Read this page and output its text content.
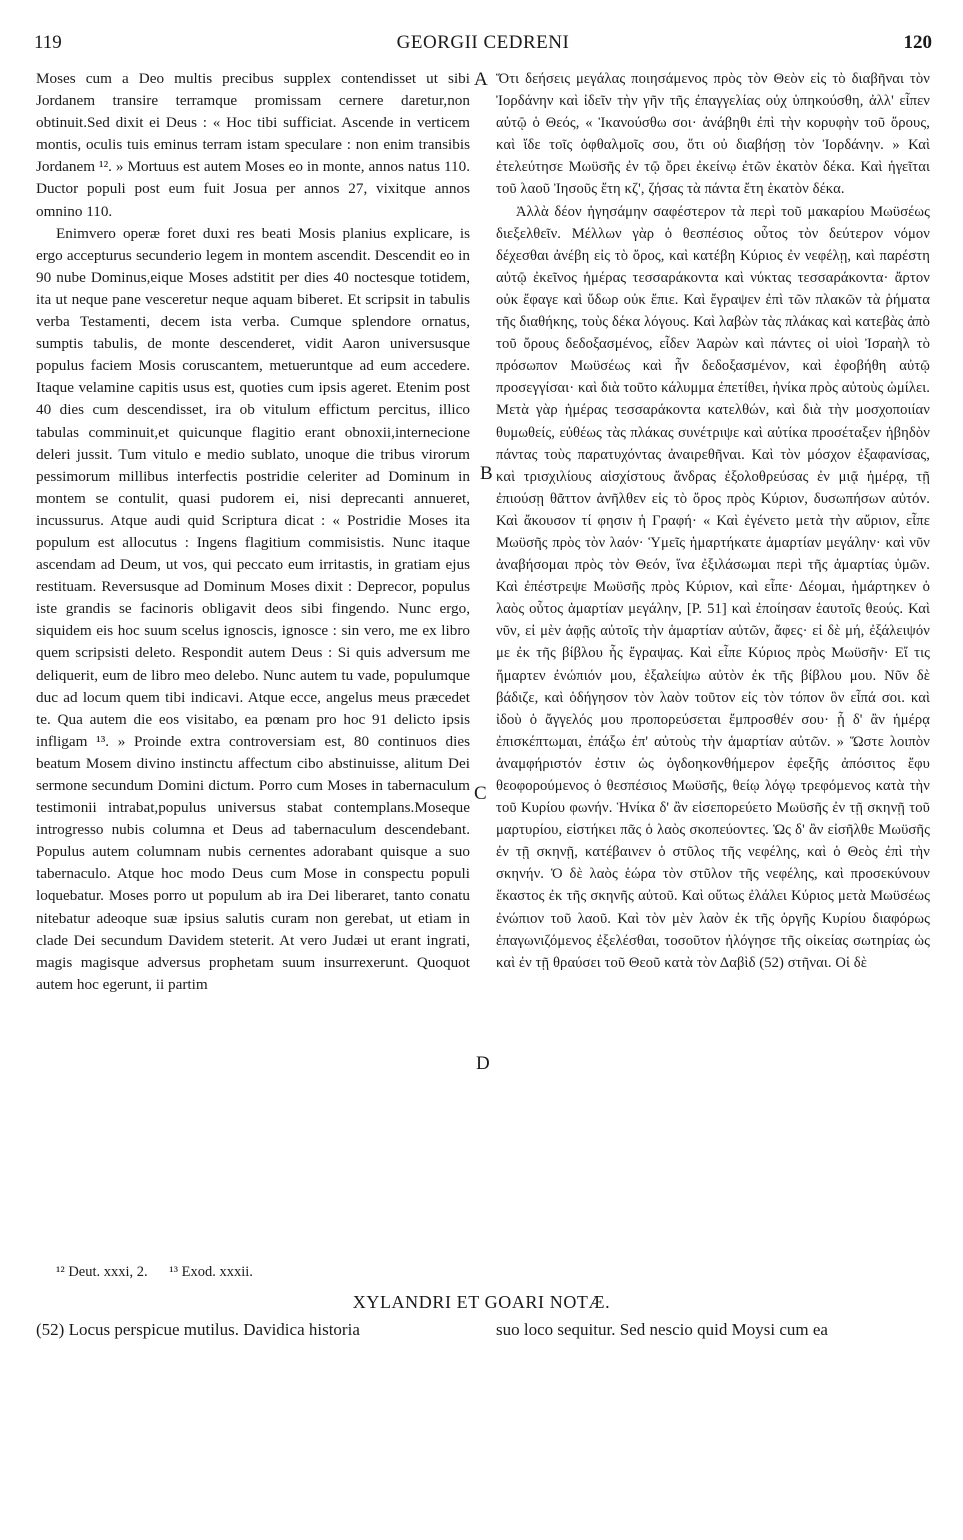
119	GEORGII CEDRENI	120

Moses cum a Deo multis precibus supplex contendisset ut sibi Jordanem transire terramque promissam cernere daretur,non obtinuit.Sed dixit ei Deus : « Hoc tibi sufficiat. Ascende in verticem montis, oculis tuis eminus terram istam speculare : non enim transibis Jordanem ¹². » Mortuus est autem Moses eo in monte, annos natus 110. Ductor populi post eum fuit Josua per annos 27, vixitque annos omnino 110.

Enimvero operæ foret duxi res beati Mosis planius explicare, is ergo accepturus secunderio legem in montem ascendit. Descendit eo in 90 nube Dominus,eique Moses adstitit per dies 40 noctesque totidem, ita ut neque pane vesceretur neque aquam biberet. Et scripsit in tabulis verba Testamenti, decem ista verba. Cumque splendore ornatus, sumptis tabulis, de monte descenderet, vidit Aaron universusque populus faciem Mosis coruscantem, metueruntque ad eum accedere. Itaque velamine capitis usus est, quoties cum ipsis ageret. Etenim post 40 dies cum descendisset, ira ob vitulum effictum percitus, illico tabulas comminuit,et quicunque flagitio erant obnoxii,internecione deleri jussit. Tum vitulo e medio sublato, unoque die tribus virorum pessimorum millibus interfectis postridie celeriter ad Dominum in montem se contulit, quasi pudorem ei, nisi deprecanti annueret, incussurus. Atque audi quid Scriptura dicat : « Postridie Moses ita populum est allocutus : Ingens flagitium commisistis. Nunc itaque ascendam ad Deum, ut vos, qui peccato eum irritastis, in gratiam ejus restituam. Reversusque ad Dominum Moses dixit : Deprecor, populus iste grandis se facinoris obligavit deos sibi fingendo. Nunc ergo, siquidem eis hoc suum scelus ignoscis, ignosce : sin vero, me ex libro quem scripsisti deleto. Respondit autem Deus : Si quis adversum me deliquerit, eum de libro meo delebo. Nunc autem tu vade, populumque duc ad locum quem tibi indicavi. Atque ecce, angelus meus præcedet te. Qua autem die eos visitabo, ea pœnam pro hoc 91 delicto ipsis infligam ¹³. » Proinde extra controversiam est, 80 continuos dies beatum Mosem divino instinctu affectum cibo abstinuisse, alitum Dei sermone secundum Domini dictum. Porro cum Moses in tabernaculum testimonii intrabat,populus universus stabat contemplans.Moseque introgresso nubis columna et Deus ad tabernaculum descendebant. Populus autem columnam nubis cernentes adorabant quisque a suo tabernaculo. Atque hoc modo Deus cum Mose in conspectu populi loquebatur. Moses porro ut populum ab ira Dei liberaret, tanto conatu nitebatur adeoque suæ ipsius salutis curam non gerebat, ut etiam in clade Dei secundum Davidem steterit. At vero Judæi ut erant ingrati, magis magisque adversus prophetam suum insurrexerunt. Quoquot autem hoc egerunt, ii partim

A
B
C
D

Ὅτι δεήσεις μεγάλας ποιησάμενος πρὸς τὸν Θεὸν εἰς τὸ διαβῆναι τὸν Ἰορδάνην καὶ ἰδεῖν τὴν γῆν τῆς ἐπαγγελίας οὐχ ὑπηκούσθη, ἀλλ' εἶπεν αὐτῷ ὁ Θεός, « Ἱκανούσθω σοι· ἀνάβηθι ἐπὶ τὴν κορυφὴν τοῦ ὄρους, καὶ ἴδε τοῖς ὀφθαλμοῖς σου, ὅτι οὐ διαβήσῃ τὸν Ἰορδάνην. » Καὶ ἐτελεύτησε Μωϋσῆς ἐν τῷ ὄρει ἐκείνῳ ἐτῶν ἑκατὸν δέκα. Καὶ ἡγεῖται τοῦ λαοῦ Ἰησοῦς ἔτη κζ', ζήσας τὰ πάντα ἔτη ἑκατὸν δέκα.

Ἀλλὰ δέον ἡγησάμην σαφέστερον τὰ περὶ τοῦ μακαρίου Μωϋσέως διεξελθεῖν. Μέλλων γὰρ ὁ θεσπέσιος οὗτος τὸν δεύτερον νόμον δέχεσθαι ἀνέβη εἰς τὸ ὄρος, καὶ κατέβη Κύριος ἐν νεφέλῃ, καὶ παρέστη αὐτῷ ἐκεῖνος ἡμέρας τεσσαράκοντα καὶ νύκτας τεσσαράκοντα· ἄρτον οὐκ ἔφαγε καὶ ὕδωρ οὐκ ἔπιε. Καὶ ἔγραψεν ἐπὶ τῶν πλακῶν τὰ ῥήματα τῆς διαθήκης, τοὺς δέκα λόγους. Καὶ λαβὼν τὰς πλάκας καὶ κατεβὰς ἀπὸ τοῦ ὄρους δεδοξασμένος, εἶδεν Ἀαρὼν καὶ πάντες οἱ υἱοὶ Ἰσραὴλ τὸ πρόσωπον Μωϋσέως καὶ ἦν δεδοξασμένον, καὶ ἐφοβήθη αὐτῷ προσεγγίσαι· καὶ διὰ τοῦτο κάλυμμα ἐπετίθει, ἡνίκα πρὸς αὐτοὺς ὡμίλει. Μετὰ γὰρ ἡμέρας τεσσαράκοντα κατελθών, καὶ διὰ τὴν μοσχοποιίαν θυμωθείς, εὐθέως τὰς πλάκας συνέτριψε καὶ αὐτίκα προσέταξεν ἡβηδὸν πάντας τοὺς παρατυχόντας ἀναιρεθῆναι. Καὶ τὸν μόσχον ἐξαφανίσας, καὶ τρισχιλίους αἰσχίστους ἄνδρας ἐξολοθρεύσας ἐν μιᾷ ἡμέρᾳ, τῇ ἐπιούσῃ θᾶττον ἀνῆλθεν εἰς τὸ ὄρος πρὸς Κύριον, δυσωπήσων αὐτόν. Καὶ ἄκουσον τί φησιν ἡ Γραφή· « Καὶ ἐγένετο μετὰ τὴν αὔριον, εἶπε Μωϋσῆς πρὸς τὸν λαόν· Ὑμεῖς ἡμαρτήκατε ἁμαρτίαν μεγάλην· καὶ νῦν ἀναβήσομαι πρὸς τὸν Θεόν, ἵνα ἐξιλάσωμαι περὶ τῆς ἁμαρτίας ὑμῶν. Καὶ ἐπέστρεψε Μωϋσῆς πρὸς Κύριον, καὶ εἶπε· Δέομαι, ἡμάρτηκεν ὁ λαὸς οὗτος ἁμαρτίαν μεγάλην, [P. 51] καὶ ἐποίησαν ἑαυτοῖς θεούς. Καὶ νῦν, εἰ μὲν ἀφῇς αὐτοῖς τὴν ἁμαρτίαν αὐτῶν, ἄφες· εἰ δὲ μή, ἐξάλειψόν με ἐκ τῆς βίβλου ἧς ἔγραψας. Καὶ εἶπε Κύριος πρὸς Μωϋσῆν· Εἴ τις ἥμαρτεν ἐνώπιόν μου, ἐξαλείψω αὐτὸν ἐκ τῆς βίβλου μου. Νῦν δὲ βάδιζε, καὶ ὁδήγησον τὸν λαὸν τοῦτον εἰς τὸν τόπον ὃν εἶπά σοι. καὶ ἰδοὺ ὁ ἄγγελός μου προπορεύσεται ἔμπροσθέν σου· ᾗ δ' ἂν ἡμέρᾳ ἐπισκέπτωμαι, ἐπάξω ἐπ' αὐτοὺς τὴν ἁμαρτίαν αὐτῶν. » Ὥστε λοιπὸν ἀναμφήριστόν ἐστιν ὡς ὀγδοηκονθήμερον ἐφεξῆς ἀπόσιτος ἔφυ θεοφορούμενος ὁ θεσπέσιος Μωϋσῆς, θείῳ λόγῳ τρεφόμενος κατὰ τὴν τοῦ Κυρίου φωνήν. Ἡνίκα δ' ἂν εἰσεπορεύετο Μωϋσῆς ἐν τῇ σκηνῇ τοῦ μαρτυρίου, εἱστήκει πᾶς ὁ λαὸς σκοπεύοντες. Ὡς δ' ἂν εἰσῆλθε Μωϋσῆς ἐν τῇ σκηνῇ, κατέβαινεν ὁ στῦλος τῆς νεφέλης, καὶ ὁ Θεὸς ἐπὶ τὴν σκηνήν. Ὁ δὲ λαὸς ἑώρα τὸν στῦλον τῆς νεφέλης, καὶ προσεκύνουν ἕκαστος ἐκ τῆς σκηνῆς αὐτοῦ. Καὶ οὕτως ἐλάλει Κύριος μετὰ Μωϋσέως ἐνώπιον τοῦ λαοῦ. Καὶ τὸν μὲν λαὸν ἐκ τῆς ὀργῆς Κυρίου διαφόρως ἐπαγωνιζόμενος ἐξελέσθαι, τοσοῦτον ἠλόγησε τῆς οἰκείας σωτηρίας ὡς καὶ ἐν τῇ θραύσει τοῦ Θεοῦ κατὰ τὸν Δαβὶδ (52) στῆναι. Οἱ δὲ

¹² Deut. xxxi, 2. ¹³ Exod. xxxii.
XYLANDRI ET GOARI NOTÆ.
(52) Locus perspicue mutilus. Davidica historia	suo loco sequitur. Sed nescio quid Moysi cum ea
